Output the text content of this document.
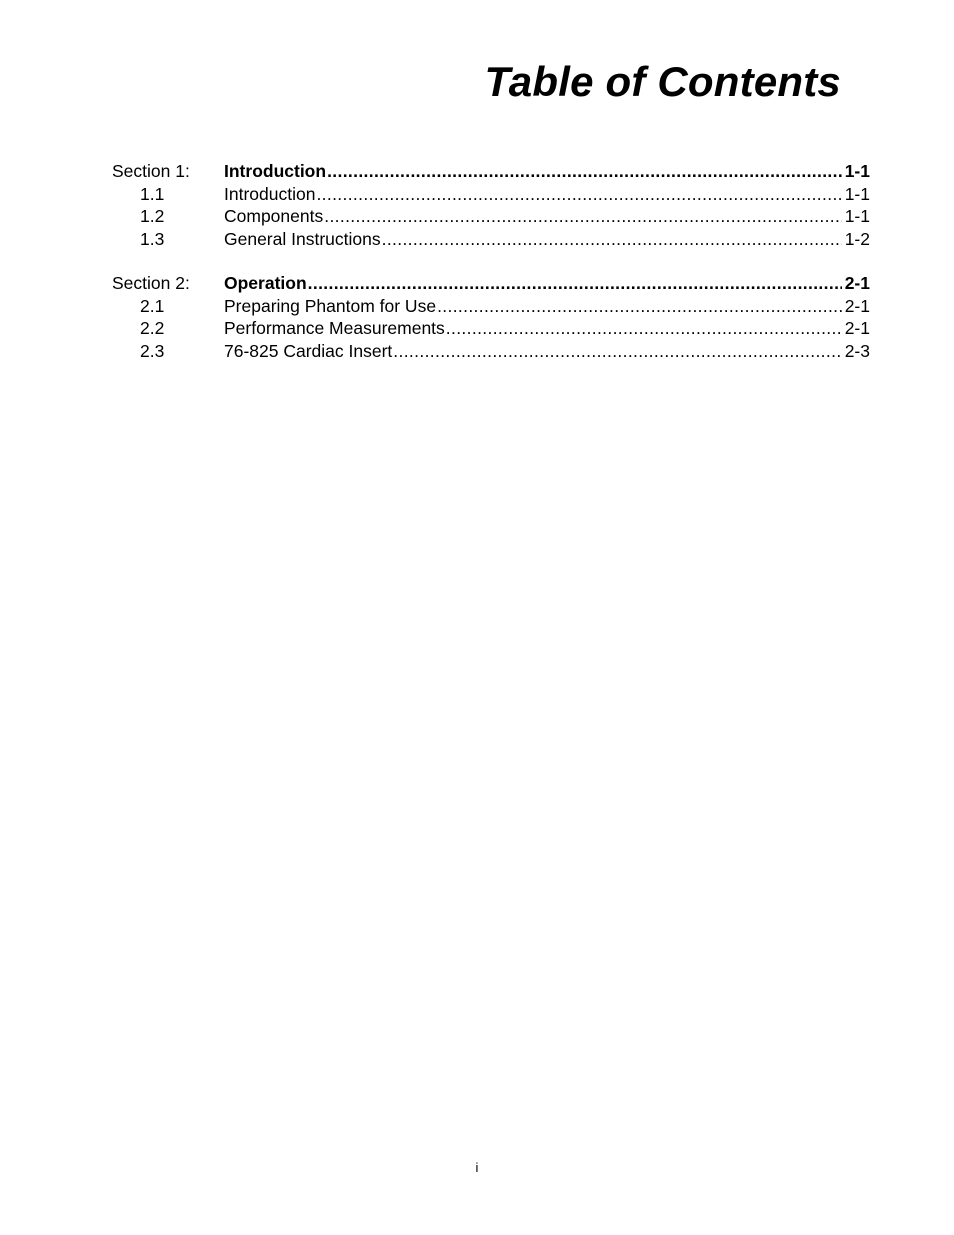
Table of Contents
Section 1:	Introduction .....	1-1
1.1	Introduction .....	1-1
1.2	Components .....	1-1
1.3	General Instructions .....	1-2
Section 2:	Operation .....	2-1
2.1	Preparing Phantom for Use .....	2-1
2.2	Performance Measurements .....	2-1
2.3	76-825 Cardiac Insert .....	2-3
i
